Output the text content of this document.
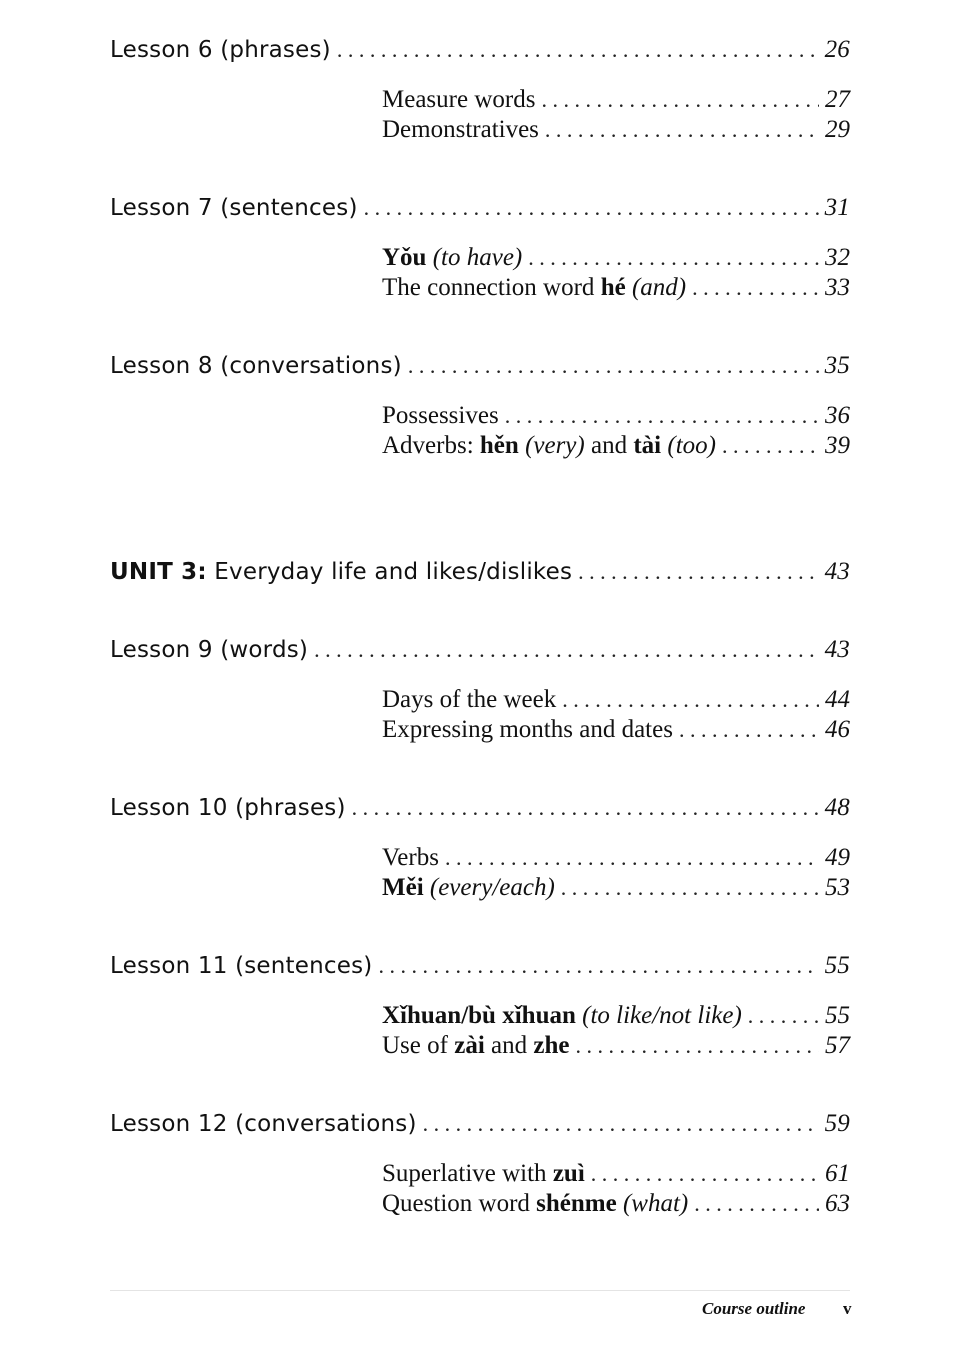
Lesson 6 (phrases) . . .	26
Measure words . . .	27
Demonstratives . . .	29
Lesson 7 (sentences) . . .	31
Yǒu (to have) . . .	32
The connection word hé (and) . . .	33
Lesson 8 (conversations) . . .	35
Possessives . . .	36
Adverbs: hěn (very) and tài (too) . . .	39
UNIT 3: Everyday life and likes/dislikes . . .	43
Lesson 9 (words) . . .	43
Days of the week . . .	44
Expressing months and dates . . .	46
Lesson 10 (phrases) . . .	48
Verbs . . .	49
Měi (every/each) . . .	53
Lesson 11 (sentences) . . .	55
Xǐhuan/bù xǐhuan (to like/not like) . . .	55
Use of zài and zhe . . .	57
Lesson 12 (conversations) . . .	59
Superlative with zuì . . .	61
Question word shénme (what) . . .	63
Course outline v
